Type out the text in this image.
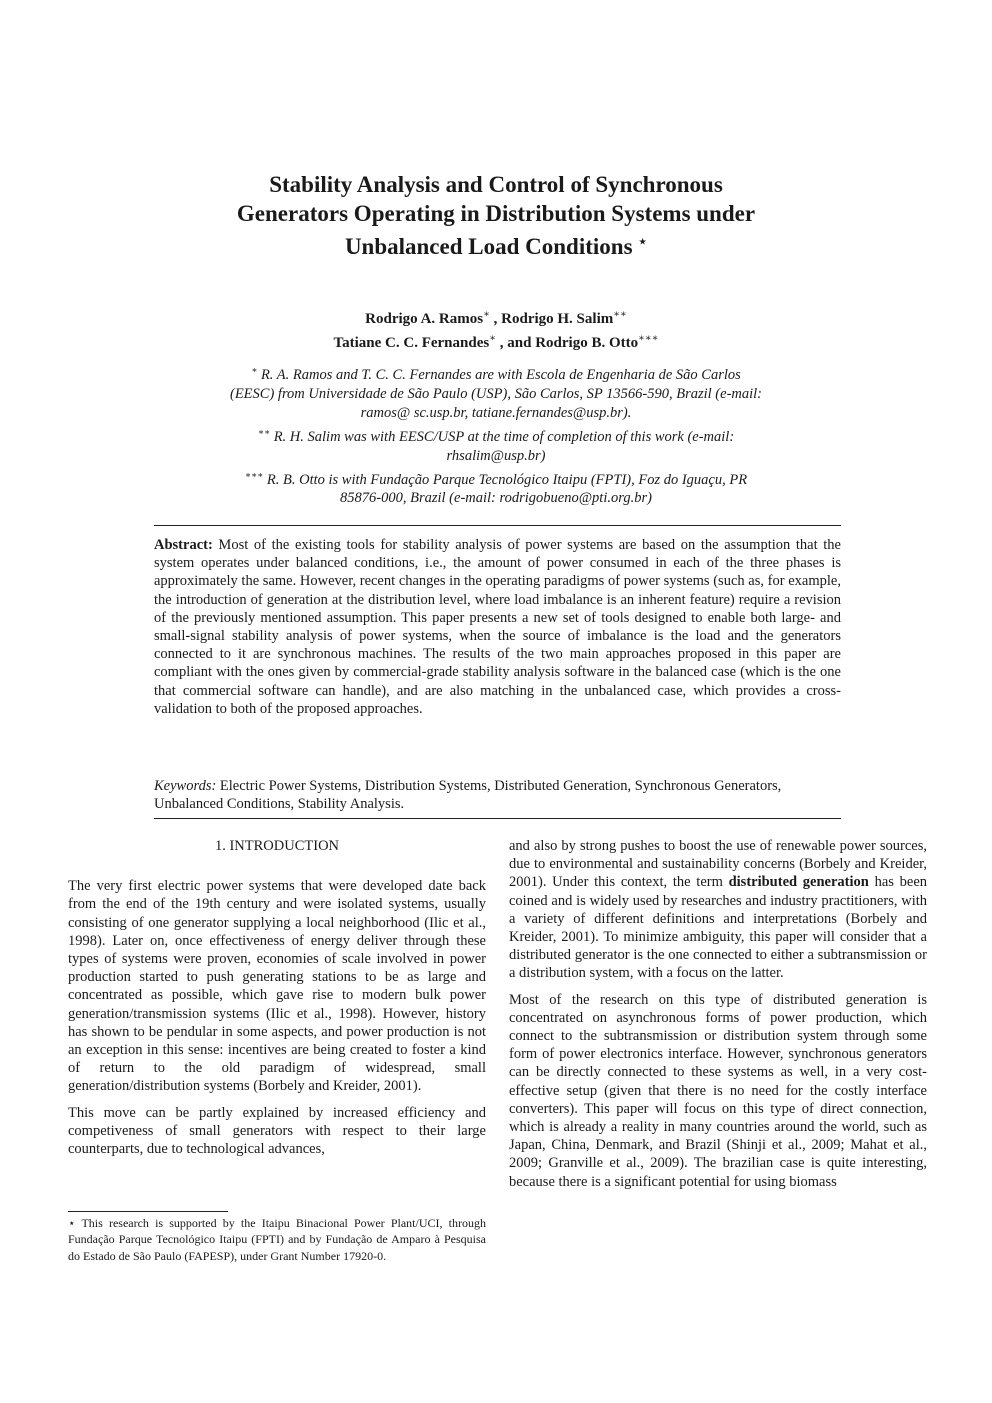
Stability Analysis and Control of Synchronous Generators Operating in Distribution Systems under Unbalanced Load Conditions ⋆
Rodrigo A. Ramos∗ , Rodrigo H. Salim∗∗
Tatiane C. C. Fernandes∗ , and Rodrigo B. Otto∗∗∗
∗ R. A. Ramos and T. C. C. Fernandes are with Escola de Engenharia de São Carlos (EESC) from Universidade de São Paulo (USP), São Carlos, SP 13566-590, Brazil (e-mail: ramos@ sc.usp.br, tatiane.fernandes@usp.br).
∗∗ R. H. Salim was with EESC/USP at the time of completion of this work (e-mail: rhsalim@usp.br)
∗∗∗ R. B. Otto is with Fundação Parque Tecnológico Itaipu (FPTI), Foz do Iguaçu, PR 85876-000, Brazil (e-mail: rodrigobueno@pti.org.br)
Abstract: Most of the existing tools for stability analysis of power systems are based on the assumption that the system operates under balanced conditions, i.e., the amount of power consumed in each of the three phases is approximately the same. However, recent changes in the operating paradigms of power systems (such as, for example, the introduction of generation at the distribution level, where load imbalance is an inherent feature) require a revision of the previously mentioned assumption. This paper presents a new set of tools designed to enable both large- and small-signal stability analysis of power systems, when the source of imbalance is the load and the generators connected to it are synchronous machines. The results of the two main approaches proposed in this paper are compliant with the ones given by commercial-grade stability analysis software in the balanced case (which is the one that commercial software can handle), and are also matching in the unbalanced case, which provides a cross-validation to both of the proposed approaches.
Keywords: Electric Power Systems, Distribution Systems, Distributed Generation, Synchronous Generators, Unbalanced Conditions, Stability Analysis.
1. INTRODUCTION

The very first electric power systems that were developed date back from the end of the 19th century and were isolated systems, usually consisting of one generator supplying a local neighborhood (Ilic et al., 1998). Later on, once effectiveness of energy deliver through these types of systems were proven, economies of scale involved in power production started to push generating stations to be as large and concentrated as possible, which gave rise to modern bulk power generation/transmission systems (Ilic et al., 1998). However, history has shown to be pendular in some aspects, and power production is not an exception in this sense: incentives are being created to foster a kind of return to the old paradigm of widespread, small generation/distribution systems (Borbely and Kreider, 2001).

This move can be partly explained by increased efficiency and competiveness of small generators with respect to their large counterparts, due to technological advances,

⋆ This research is supported by the Itaipu Binacional Power Plant/UCI, through Fundação Parque Tecnológico Itaipu (FPTI) and by Fundação de Amparo à Pesquisa do Estado de São Paulo (FAPESP), under Grant Number 17920-0.

and also by strong pushes to boost the use of renewable power sources, due to environmental and sustainability concerns (Borbely and Kreider, 2001). Under this context, the term distributed generation has been coined and is widely used by researches and industry practitioners, with a variety of different definitions and interpretations (Borbely and Kreider, 2001). To minimize ambiguity, this paper will consider that a distributed generator is the one connected to either a subtransmission or a distribution system, with a focus on the latter.

Most of the research on this type of distributed generation is concentrated on asynchronous forms of power production, which connect to the subtransmission or distribution system through some form of power electronics interface. However, synchronous generators can be directly connected to these systems as well, in a very cost-effective setup (given that there is no need for the costly interface converters). This paper will focus on this type of direct connection, which is already a reality in many countries around the world, such as Japan, China, Denmark, and Brazil (Shinji et al., 2009; Mahat et al., 2009; Granville et al., 2009). The brazilian case is quite interesting, because there is a significant potential for using biomass
